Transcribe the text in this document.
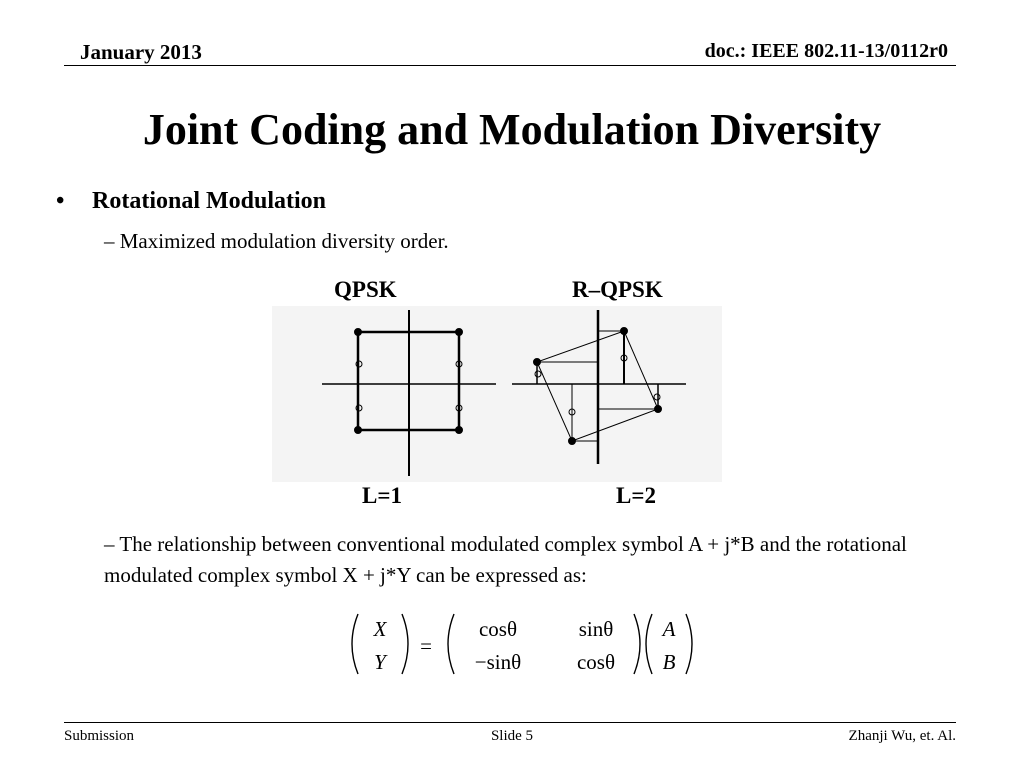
January 2013	doc.: IEEE 802.11-13/0112r0
Joint Coding and Modulation Diversity
• Rotational Modulation
– Maximized modulation diversity order.
QPSK	R–QPSK
L=1	L=2
– The relationship between conventional modulated complex symbol A + j*B and the rotational modulated complex symbol X + j*Y can be expressed as:
X
Y
=
cosθ	sinθ
−sinθ	cosθ
A
B
Submission	Slide 5	Zhanji Wu, et. Al.
